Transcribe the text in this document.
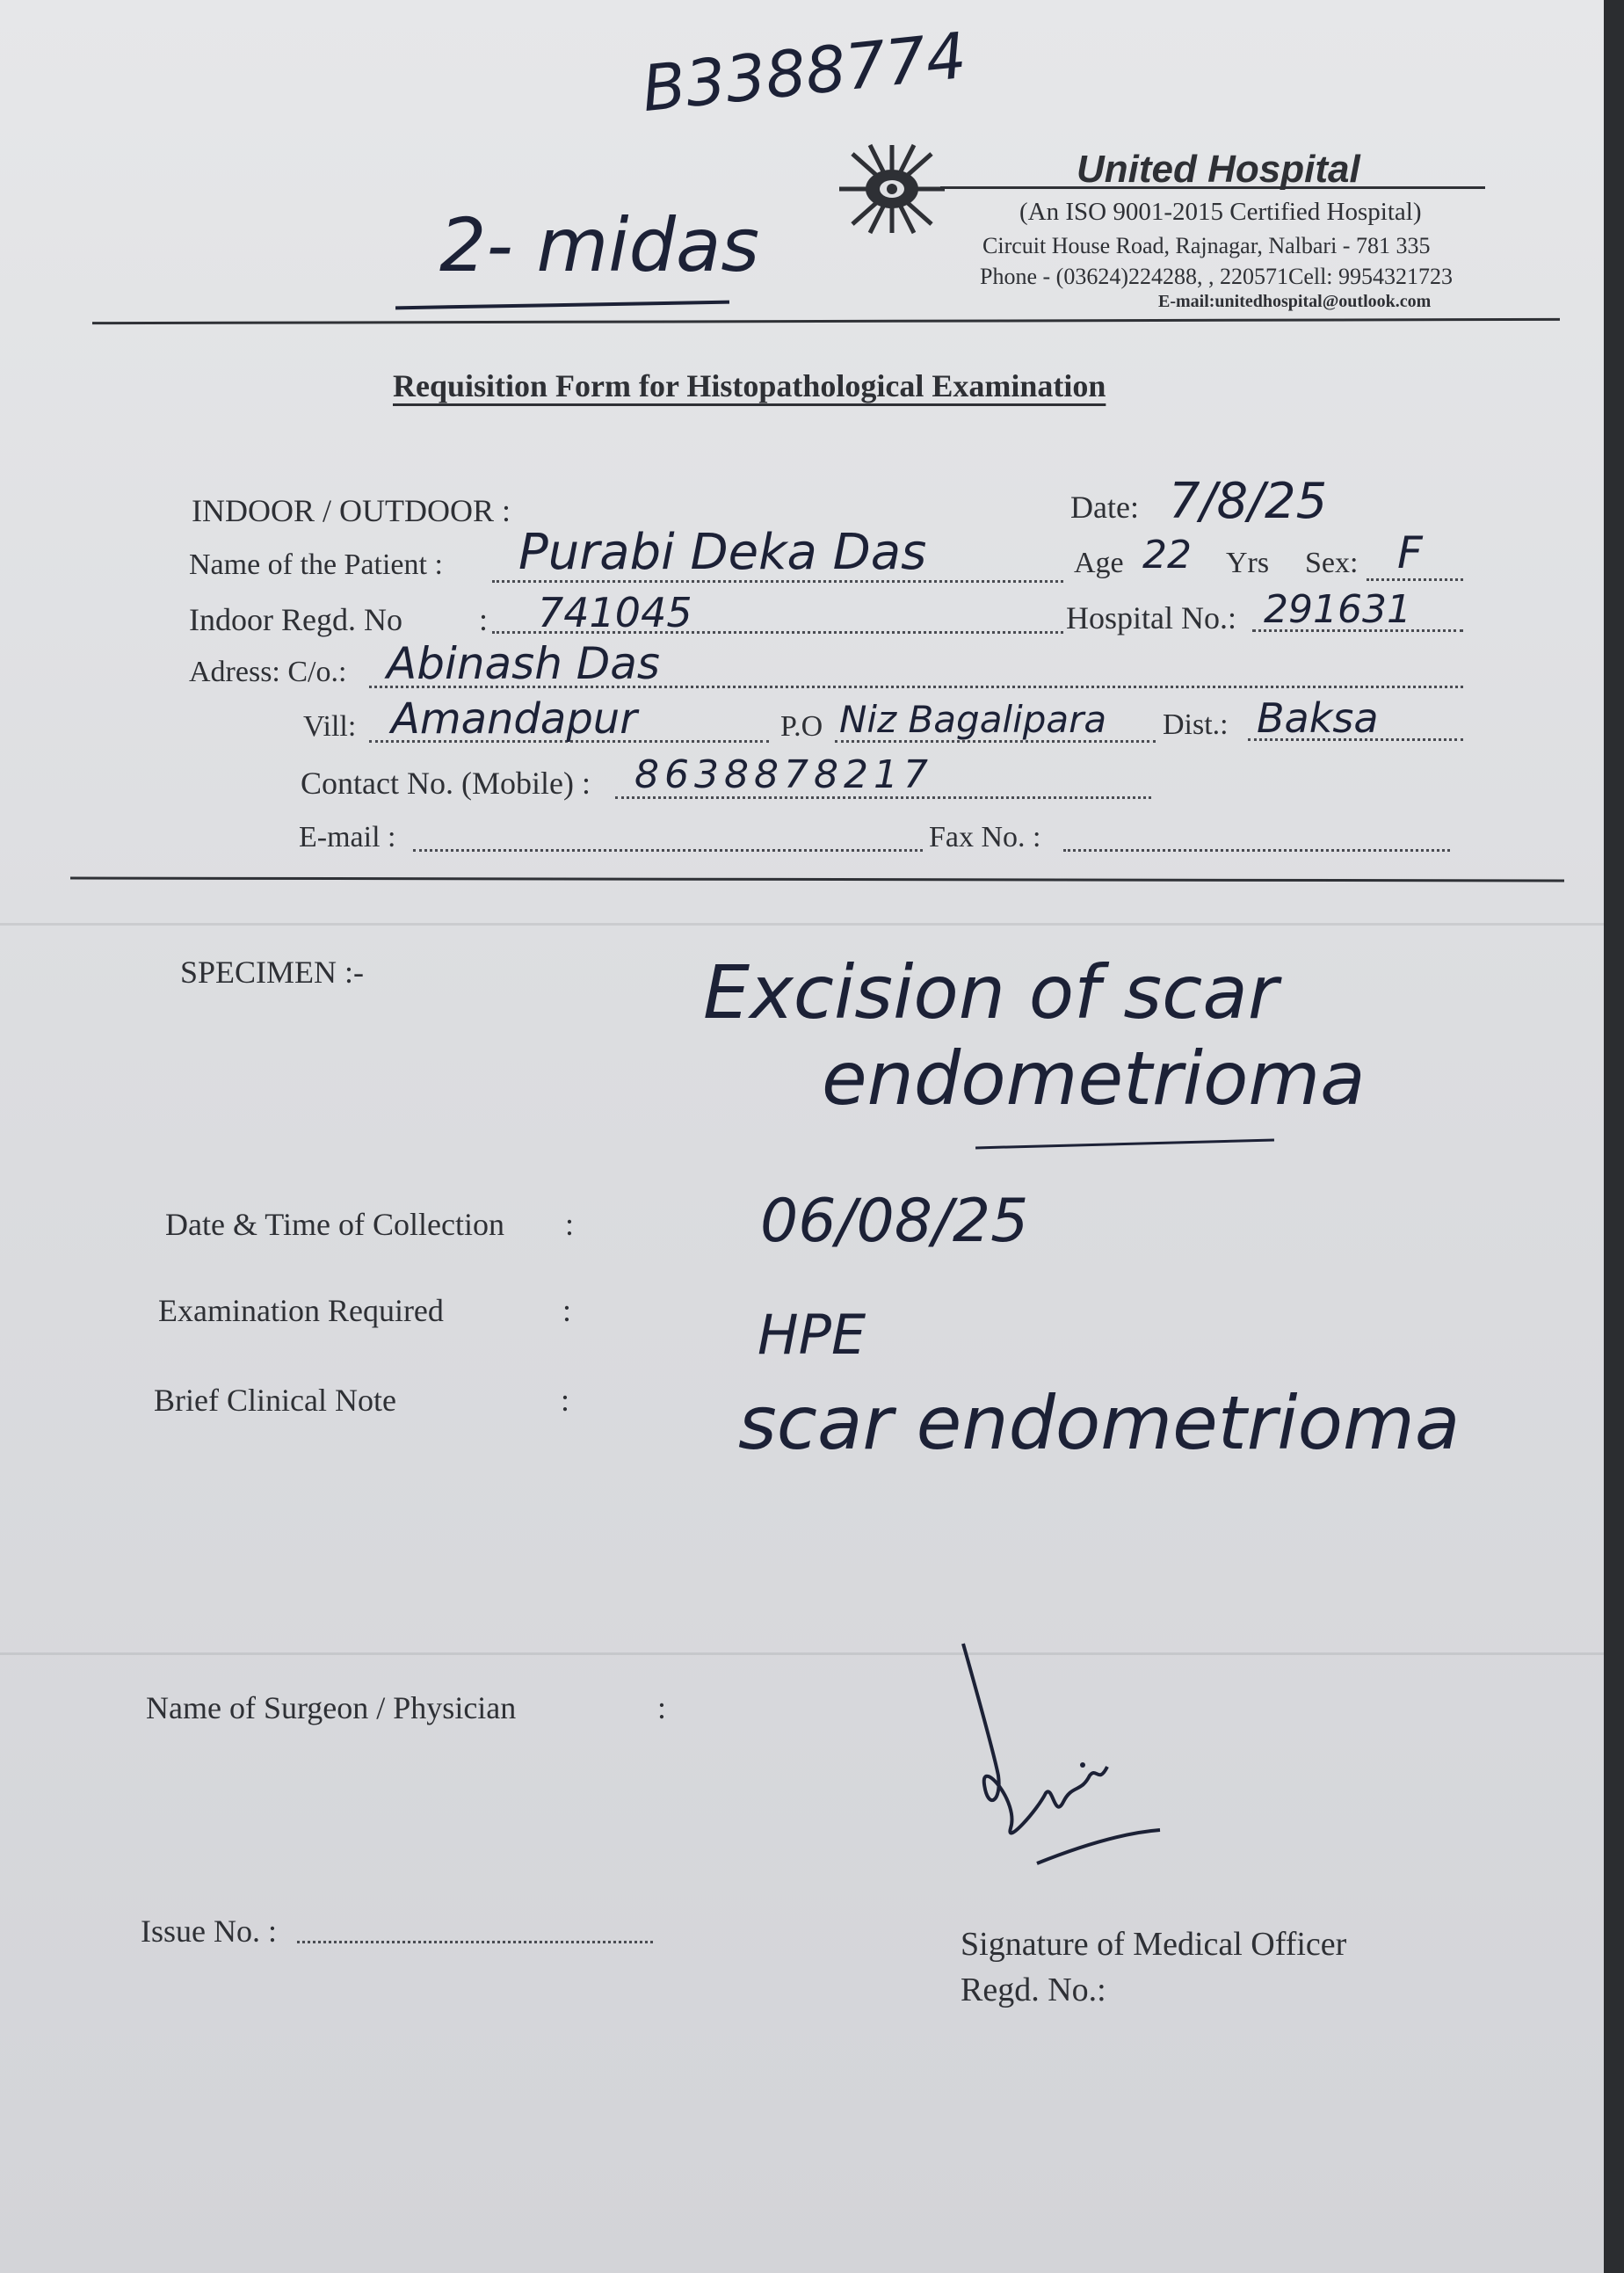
B3388774
2- midas
United Hospital
(An ISO 9001-2015 Certified Hospital)
Circuit House Road, Rajnagar, Nalbari - 781 335
Phone - (03624)224288, , 220571Cell: 9954321723
E-mail:unitedhospital@outlook.com
Requisition Form for Histopathological Examination
INDOOR / OUTDOOR :	Date: 7/8/25
Name of the Patient : Purabi Deka Das	Age 22 Yrs Sex: F
Indoor Regd. No : 741045	Hospital No.: 291631
Adress: C/o.: Abinash Das
Vill: Amandapur	P.O Niz Bagalipara Dist.: Baksa
Contact No. (Mobile) : 8638878217
E-mail :	Fax No. :
SPECIMEN :-	Excision of scar
endometrioma
Date & Time of Collection :	06/08/25
Examination Required	:	HPE
Brief Clinical Note	: scar endometrioma
Name of Surgeon / Physician	:
Issue No. :	Signature of Medical Officer
Regd. No.:
